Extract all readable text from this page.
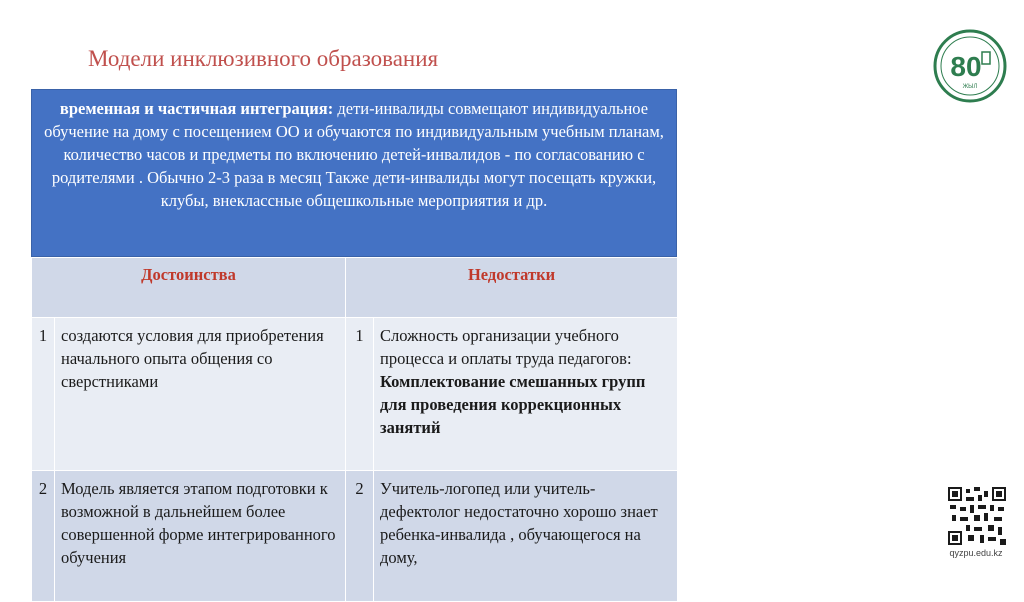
Модели инклюзивного образования	80
ЖЫЛ
временная и частичная интеграция: дети-инвалиды совмещают индивидуальное обучение на дому с посещением ОО и обучаются по индивидуальным учебным планам, количество часов и предметы по включению детей-инвалидов - по согласованию с родителями . Обычно 2-3 раза в месяц Также дети-инвалиды могут посещать кружки, клубы, внеклассные общешкольные мероприятия и др.
Достоинства		Недостатки	
1	создаются условия для приобретения начального опыта общения со сверстниками	1	Сложность организации учебного процесса и оплаты труда педагогов: Комплектование смешанных групп для проведения коррекционных занятий
2	Модель является этапом подготовки к возможной в дальнейшем более совершенной форме интегрированного обучения	2	Учитель-логопед или учитель-дефектолог недостаточно хорошо знает ребенка-инвалида , обучающегося на дому,	qyzpu.edu.kz
